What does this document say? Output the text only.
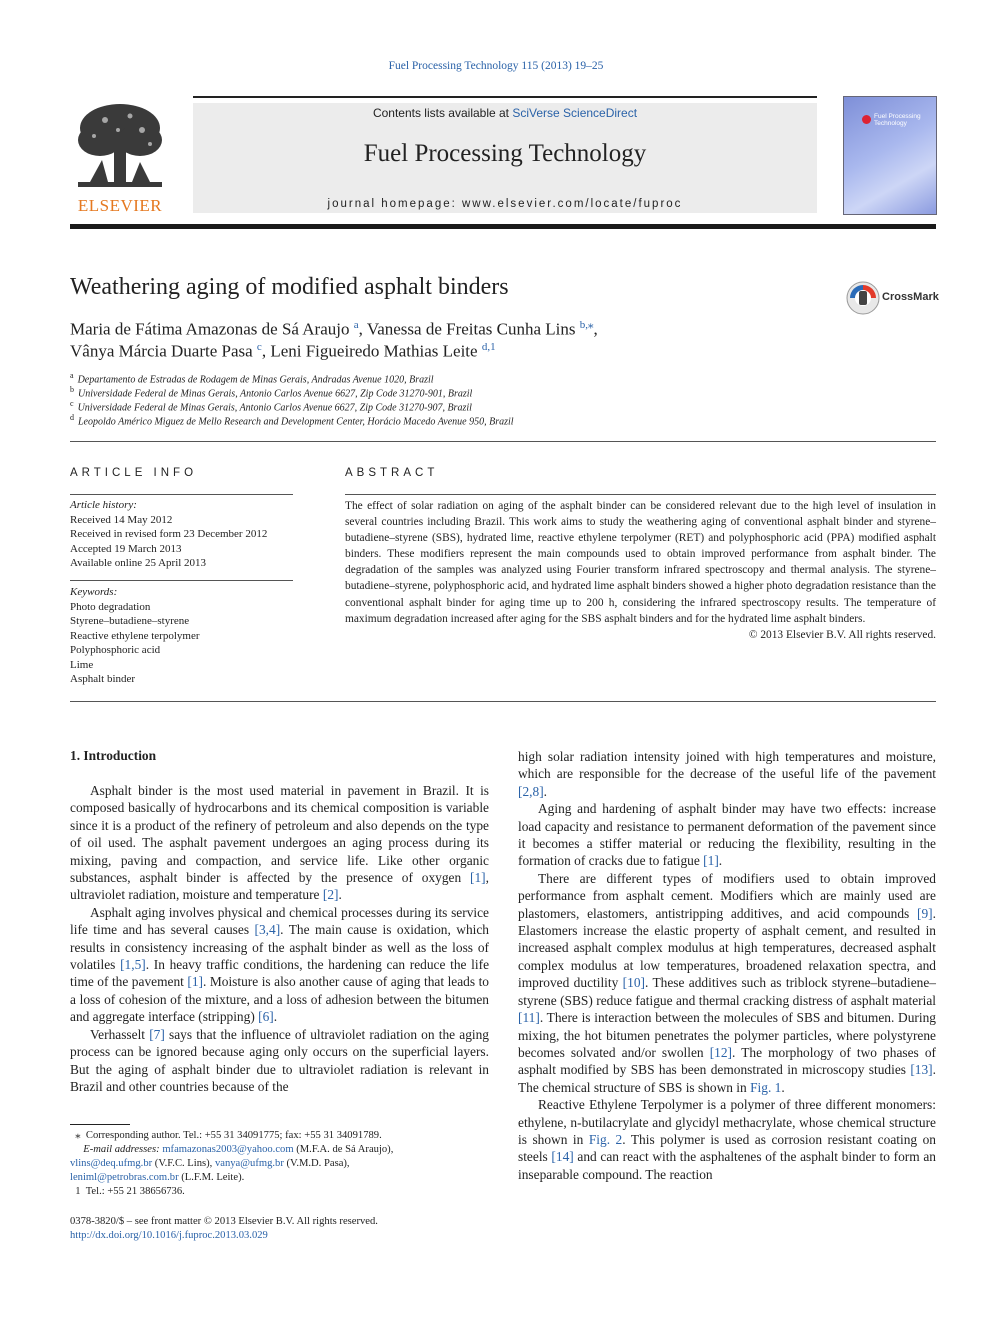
Fuel Processing Technology 115 (2013) 19–25
ELSEVIER
Contents lists available at SciVerse ScienceDirect
Fuel Processing Technology
journal homepage: www.elsevier.com/locate/fuproc
Fuel Processing Technology
Weathering aging of modified asphalt binders	CrossMark
Maria de Fátima Amazonas de Sá Araujo $^a$, Vanessa de Freitas Cunha Lins $^{b,⁎}$,
Vânya Márcia Duarte Pasa $^c$, Leni Figueiredo Mathias Leite $^{d,1}$
$^a$ Departamento de Estradas de Rodagem de Minas Gerais, Andradas Avenue 1020, Brazil
$^b$ Universidade Federal de Minas Gerais, Antonio Carlos Avenue 6627, Zip Code 31270-901, Brazil
$^c$ Universidade Federal de Minas Gerais, Antonio Carlos Avenue 6627, Zip Code 31270-907, Brazil
$^d$ Leopoldo Américo Miguez de Mello Research and Development Center, Horácio Macedo Avenue 950, Brazil
ARTICLE INFO
Article history:
Received 14 May 2012
Received in revised form 23 December 2012
Accepted 19 March 2013
Available online 25 April 2013
Keywords:
Photo degradation
Styrene–butadiene–styrene
Reactive ethylene terpolymer
Polyphosphoric acid
Lime
Asphalt binder
ABSTRACT
The effect of solar radiation on aging of the asphalt binder can be considered relevant due to the high level of insulation in several countries including Brazil. This work aims to study the weathering aging of conventional asphalt binder and styrene–butadiene–styrene (SBS), hydrated lime, reactive ethylene terpolymer (RET) and polyphosphoric acid (PPA) modified asphalt binders. These modifiers represent the main compounds used to obtain improved performance from asphalt binder. The degradation of the samples was analyzed using Fourier transform infrared spectroscopy and thermal analysis. The styrene–butadiene–styrene, polyphosphoric acid, and hydrated lime asphalt binders showed a higher photo degradation resistance than the conventional asphalt binder for aging time up to 200 h, considering the infrared spectroscopy results. The temperature of maximum degradation increased after aging for the SBS asphalt binders and for the hydrated lime asphalt binders.
© 2013 Elsevier B.V. All rights reserved.
1. Introduction

Asphalt binder is the most used material in pavement in Brazil. It is composed basically of hydrocarbons and its chemical composition is variable since it is a product of the refinery of petroleum and also depends on the type of oil used. The asphalt pavement undergoes an aging process during its mixing, paving and compaction, and service life. Like other organic substances, asphalt binder is affected by the presence of oxygen [1], ultraviolet radiation, moisture and temperature [2].

Asphalt aging involves physical and chemical processes during its service life time and has several causes [3,4]. The main cause is oxidation, which results in consistency increasing of the asphalt binder as well as the loss of volatiles [1,5]. In heavy traffic conditions, the hardening can reduce the life time of the pavement [1]. Moisture is also another cause of aging that leads to a loss of cohesion of the mixture, and a loss of adhesion between the bitumen and aggregate interface (stripping) [6].

Verhasselt [7] says that the influence of ultraviolet radiation on the aging process can be ignored because aging only occurs on the superficial layers. But the aging of asphalt binder due to ultraviolet radiation is relevant in Brazil and other countries because of the

high solar radiation intensity joined with high temperatures and moisture, which are responsible for the decrease of the useful life of the pavement [2,8].

Aging and hardening of asphalt binder may have two effects: increase load capacity and resistance to permanent deformation of the pavement since it becomes a stiffer material or reducing the flexibility, resulting in the formation of cracks due to fatigue [1].

There are different types of modifiers used to obtain improved performance from asphalt cement. Modifiers which are mainly used are plastomers, elastomers, antistripping additives, and acid compounds [9]. Elastomers increase the elastic property of asphalt cement, and resulted in increased asphalt complex modulus at high temperatures, decreased asphalt complex modulus at low temperatures, broadened relaxation spectra, and improved ductility [10]. These additives such as triblock styrene–butadiene–styrene (SBS) reduce fatigue and thermal cracking distress of asphalt material [11]. There is interaction between the molecules of SBS and bitumen. During mixing, the hot bitumen penetrates the polymer particles, where polystyrene becomes solvated and/or swollen [12]. The morphology of two phases of asphalt modified by SBS has been demonstrated in microscopy studies [13]. The chemical structure of SBS is shown in Fig. 1.

Reactive Ethylene Terpolymer is a polymer of three different monomers: ethylene, n-butilacrylate and glycidyl methacrylate, whose chemical structure is shown in Fig. 2. This polymer is used as corrosion resistant coating on steels [14] and can react with the asphaltenes of the asphalt binder to form an inseparable compound. The reaction

⁎  Corresponding author. Tel.: +55 31 34091775; fax: +55 31 34091789.
E-mail addresses: mfamazonas2003@yahoo.com (M.F.A. de Sá Araujo),
vlins@deq.ufmg.br (V.F.C. Lins), vanya@ufmg.br (V.M.D. Pasa),
leniml@petrobras.com.br (L.F.M. Leite).
1  Tel.: +55 21 38656736.
0378-3820/$ – see front matter © 2013 Elsevier B.V. All rights reserved.
http://dx.doi.org/10.1016/j.fuproc.2013.03.029
